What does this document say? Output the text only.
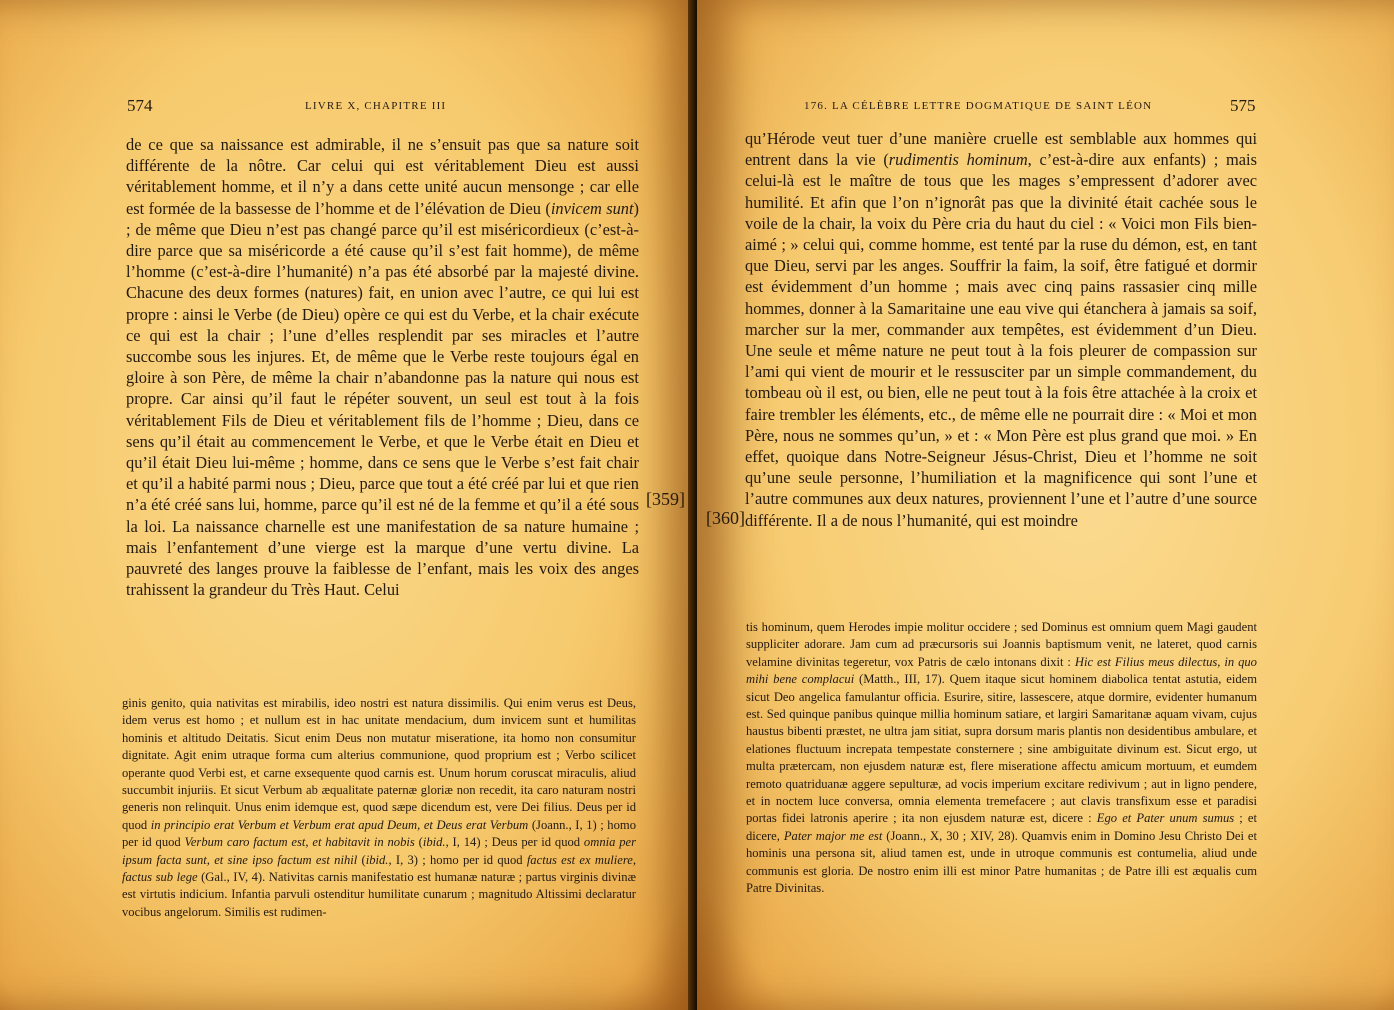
574	LIVRE X, CHAPITRE III

de ce que sa naissance est admirable, il ne s’ensuit pas que sa nature soit différente de la nôtre. Car celui qui est véritablement Dieu est aussi véritablement homme, et il n’y a dans cette unité aucun mensonge ; car elle est formée de la bassesse de l’homme et de l’élévation de Dieu (invicem sunt) ; de même que Dieu n’est pas changé parce qu’il est miséricordieux (c’est-à-dire parce que sa miséricorde a été cause qu’il s’est fait homme), de même l’homme (c’est-à-dire l’humanité) n’a pas été absorbé par la majesté divine. Chacune des deux formes (natures) fait, en union avec l’autre, ce qui lui est propre : ainsi le Verbe (de Dieu) opère ce qui est du Verbe, et la chair exécute ce qui est la chair ; l’une d’elles resplendit par ses miracles et l’autre succombe sous les injures. Et, de même que le Verbe reste toujours égal en gloire à son Père, de même la chair n’abandonne pas la nature qui nous est propre. Car ainsi qu’il faut le répéter souvent, un seul est tout à la fois véritablement Fils de Dieu et véritablement fils de l’homme ; Dieu, dans ce sens qu’il était au commencement le Verbe, et que le Verbe était en Dieu et qu’il était Dieu lui-même ; homme, dans ce sens que le Verbe s’est fait chair et qu’il a habité parmi nous ; Dieu, parce que tout a été créé par lui et que rien n’a été créé sans lui, homme, parce qu’il est né de la femme et qu’il a été sous la loi. La naissance charnelle est une manifestation de sa nature humaine ; mais l’enfantement d’une vierge est la marque d’une vertu divine. La pauvreté des langes prouve la faiblesse de l’enfant, mais les voix des anges trahissent la grandeur du Très Haut. Celui

ginis genito, quia nativitas est mirabilis, ideo nostri est natura dissimilis. Qui enim verus est Deus, idem verus est homo ; et nullum est in hac unitate mendacium, dum invicem sunt et humilitas hominis et altitudo Deitatis. Sicut enim Deus non mutatur miseratione, ita homo non consumitur dignitate. Agit enim utraque forma cum alterius communione, quod proprium est ; Verbo scilicet operante quod Verbi est, et carne exsequente quod carnis est. Unum horum coruscat miraculis, aliud succumbit injuriis. Et sicut Verbum ab æqualitate paternæ gloriæ non recedit, ita caro naturam nostri generis non relinquit. Unus enim idemque est, quod sæpe dicendum est, vere Dei filius. Deus per id quod in principio erat Verbum et Verbum erat apud Deum, et Deus erat Verbum (Joann., I, 1) ; homo per id quod Verbum caro factum est, et habitavit in nobis (ibid., I, 14) ; Deus per id quod omnia per ipsum facta sunt, et sine ipso factum est nihil (ibid., I, 3) ; homo per id quod factus est ex muliere, factus sub lege (Gal., IV, 4). Nativitas carnis manifestatio est humanæ naturæ ; partus virginis divinæ est virtutis indicium. Infantia parvuli ostenditur humilitate cunarum ; magnitudo Altissimi declaratur vocibus angelorum. Similis est rudimen-

176. LA CÉLÈBRE LETTRE DOGMATIQUE DE SAINT LÉON	575

qu’Hérode veut tuer d’une manière cruelle est semblable aux hommes qui entrent dans la vie (rudimentis hominum, c’est-à-dire aux enfants) ; mais celui-là est le maître de tous que les mages s’empressent d’adorer avec humilité. Et afin que l’on n’ignorât pas que la divinité était cachée sous le voile de la chair, la voix du Père cria du haut du ciel : « Voici mon Fils bien-aimé ; » celui qui, comme homme, est tenté par la ruse du démon, est, en tant que Dieu, servi par les anges. Souffrir la faim, la soif, être fatigué et dormir est évidemment d’un homme ; mais avec cinq pains rassasier cinq mille hommes, donner à la Samaritaine une eau vive qui étanchera à jamais sa soif, marcher sur la mer, commander aux tempêtes, est évidemment d’un Dieu. Une seule et même nature ne peut tout à la fois pleurer de compassion sur l’ami qui vient de mourir et le ressusciter par un simple commandement, du tombeau où il est, ou bien, elle ne peut tout à la fois être attachée à la croix et faire trembler les éléments, etc., de même elle ne pourrait dire : « Moi et mon Père, nous ne sommes qu’un, » et : « Mon Père est plus grand que moi. » En effet, quoique dans Notre-Seigneur Jésus-Christ, Dieu et l’homme ne soit qu’une seule personne, l’humiliation et la magnificence qui sont l’une et l’autre communes aux deux natures, proviennent l’une et l’autre d’une source différente. Il a de nous l’humanité, qui est moindre

tis hominum, quem Herodes impie molitur occidere ; sed Dominus est omnium quem Magi gaudent suppliciter adorare. Jam cum ad præcursoris sui Joannis baptismum venit, ne lateret, quod carnis velamine divinitas tegeretur, vox Patris de cælo intonans dixit : Hic est Filius meus dilectus, in quo mihi bene complacui (Matth., III, 17). Quem itaque sicut hominem diabolica tentat astutia, eidem sicut Deo angelica famulantur officia. Esurire, sitire, lassescere, atque dormire, evidenter humanum est. Sed quinque panibus quinque millia hominum satiare, et largiri Samaritanæ aquam vivam, cujus haustus bibenti præstet, ne ultra jam sitiat, supra dorsum maris plantis non desidentibus ambulare, et elationes fluctuum increpata tempestate consternere ; sine ambiguitate divinum est. Sicut ergo, ut multa prætercam, non ejusdem naturæ est, flere miseratione affectu amicum mortuum, et eumdem remoto quatriduanæ aggere sepulturæ, ad vocis imperium excitare redivivum ; aut in ligno pendere, et in noctem luce conversa, omnia elementa tremefacere ; aut clavis transfixum esse et paradisi portas fidei latronis aperire ; ita non ejusdem naturæ est, dicere : Ego et Pater unum sumus ; et dicere, Pater major me est (Joann., X, 30 ; XIV, 28). Quamvis enim in Domino Jesu Christo Dei et hominis una persona sit, aliud tamen est, unde in utroque communis est contumelia, aliud unde communis est gloria. De nostro enim illi est minor Patre humanitas ; de Patre illi est æqualis cum Patre Divinitas.

[359]
[360]
